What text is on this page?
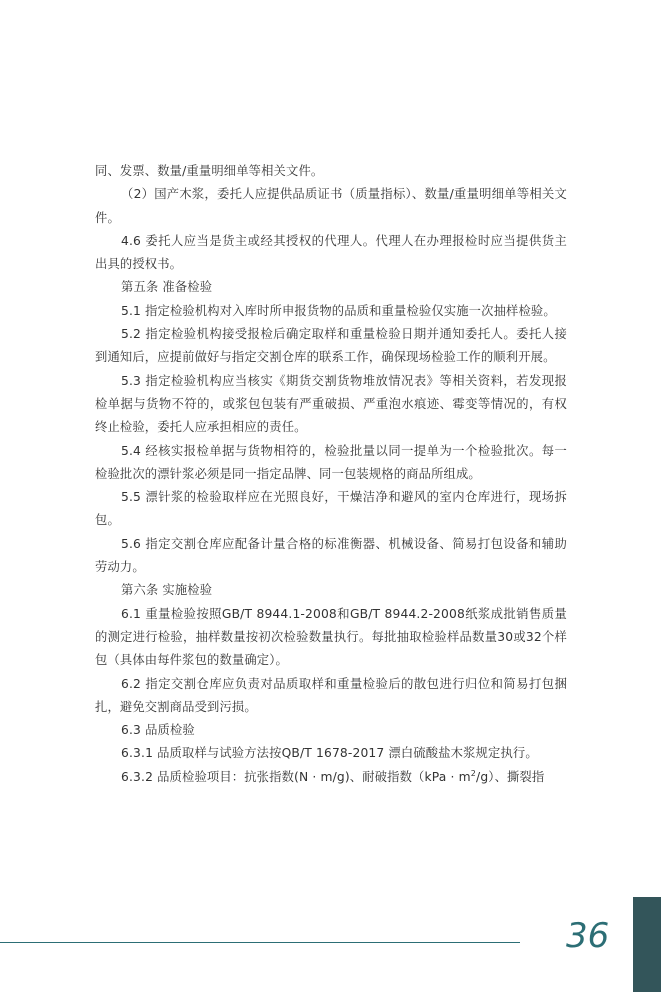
同、发票、数量/重量明细单等相关文件。

（2）国产木浆，委托人应提供品质证书（质量指标）、数量/重量明细单等相关文件。

4.6 委托人应当是货主或经其授权的代理人。代理人在办理报检时应当提供货主出具的授权书。

第五条 准备检验

5.1 指定检验机构对入库时所申报货物的品质和重量检验仅实施一次抽样检验。

5.2 指定检验机构接受报检后确定取样和重量检验日期并通知委托人。委托人接到通知后，应提前做好与指定交割仓库的联系工作，确保现场检验工作的顺利开展。

5.3 指定检验机构应当核实《期货交割货物堆放情况表》等相关资料，若发现报检单据与货物不符的，或浆包包装有严重破损、严重泡水痕迹、霉变等情况的，有权终止检验，委托人应承担相应的责任。

5.4 经核实报检单据与货物相符的，检验批量以同一提单为一个检验批次。每一检验批次的漂针浆必须是同一指定品牌、同一包装规格的商品所组成。

5.5 漂针浆的检验取样应在光照良好，干燥洁净和避风的室内仓库进行，现场拆包。

5.6 指定交割仓库应配备计量合格的标准衡器、机械设备、简易打包设备和辅助劳动力。

第六条 实施检验

6.1 重量检验按照GB/T 8944.1-2008和GB/T 8944.2-2008纸浆成批销售质量的测定进行检验，抽样数量按初次检验数量执行。每批抽取检验样品数量30或32个样包（具体由每件浆包的数量确定）。

6.2 指定交割仓库应负责对品质取样和重量检验后的散包进行归位和简易打包捆扎，避免交割商品受到污损。

6.3 品质检验

6.3.1 品质取样与试验方法按QB/T 1678-2017 漂白硫酸盐木浆规定执行。

6.3.2 品质检验项目：抗张指数(N · m/g)、耐破指数$(kPa \cdot m^2/g)$、撕裂指

36
